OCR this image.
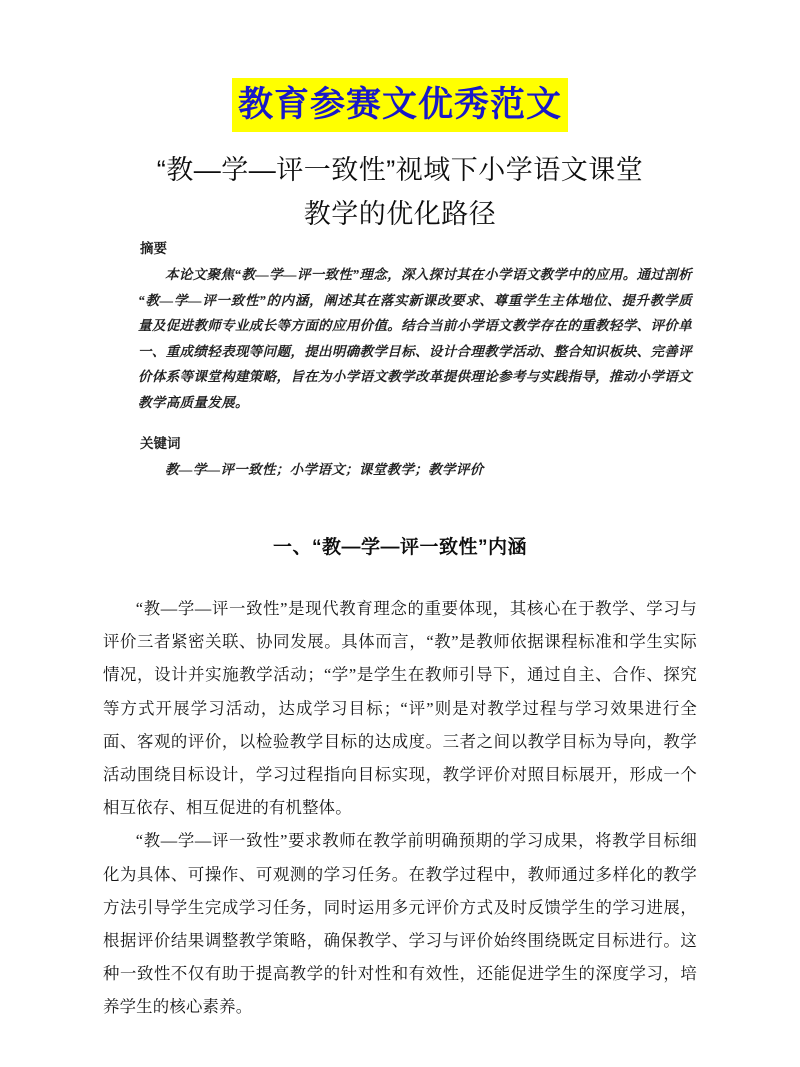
教育参赛文优秀范文
“教—学—评一致性”视域下小学语文课堂
教学的优化路径
摘要

本论文聚焦“教—学—评一致性”理念，深入探讨其在小学语文教学中的应用。通过剖析“教—学—评一致性”的内涵，阐述其在落实新课改要求、尊重学生主体地位、提升教学质量及促进教师专业成长等方面的应用价值。结合当前小学语文教学存在的重教轻学、评价单一、重成绩轻表现等问题，提出明确教学目标、设计合理教学活动、整合知识板块、完善评价体系等课堂构建策略，旨在为小学语文教学改革提供理论参考与实践指导，推动小学语文教学高质量发展。

关键词

教—学—评一致性；小学语文；课堂教学；教学评价

一、“教—学—评一致性”内涵

“教—学—评一致性”是现代教育理念的重要体现，其核心在于教学、学习与评价三者紧密关联、协同发展。具体而言，“教”是教师依据课程标准和学生实际情况，设计并实施教学活动；“学”是学生在教师引导下，通过自主、合作、探究等方式开展学习活动，达成学习目标；“评”则是对教学过程与学习效果进行全面、客观的评价，以检验教学目标的达成度。三者之间以教学目标为导向，教学活动围绕目标设计，学习过程指向目标实现，教学评价对照目标展开，形成一个相互依存、相互促进的有机整体。

“教—学—评一致性”要求教师在教学前明确预期的学习成果，将教学目标细化为具体、可操作、可观测的学习任务。在教学过程中，教师通过多样化的教学方法引导学生完成学习任务，同时运用多元评价方式及时反馈学生的学习进展，根据评价结果调整教学策略，确保教学、学习与评价始终围绕既定目标进行。这种一致性不仅有助于提高教学的针对性和有效性，还能促进学生的深度学习，培养学生的核心素养。
